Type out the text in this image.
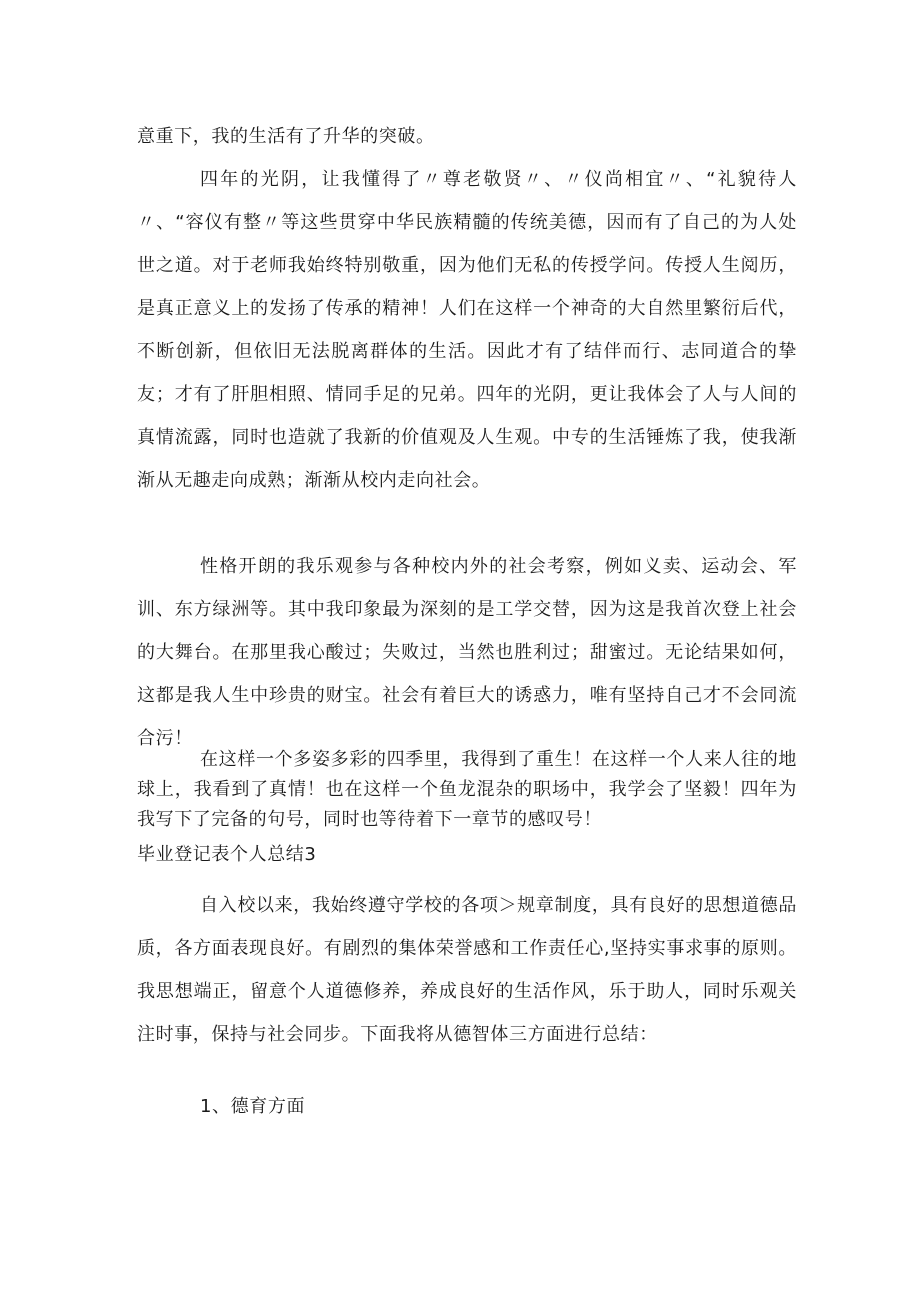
意重下，我的生活有了升华的突破。

四年的光阴，让我懂得了〃尊老敬贤〃、〃仪尚相宜〃、“礼貌待人〃、“容仪有整〃等这些贯穿中华民族精髓的传统美德，因而有了自己的为人处世之道。对于老师我始终特别敬重，因为他们无私的传授学问。传授人生阅历，是真正意义上的发扬了传承的精神！人们在这样一个神奇的大自然里繁衍后代，不断创新，但依旧无法脱离群体的生活。因此才有了结伴而行、志同道合的挚友；才有了肝胆相照、情同手足的兄弟。四年的光阴，更让我体会了人与人间的真情流露，同时也造就了我新的价值观及人生观。中专的生活锤炼了我，使我渐渐从无趣走向成熟；渐渐从校内走向社会。

性格开朗的我乐观参与各种校内外的社会考察，例如义卖、运动会、军训、东方绿洲等。其中我印象最为深刻的是工学交替，因为这是我首次登上社会的大舞台。在那里我心酸过；失败过，当然也胜利过；甜蜜过。无论结果如何，这都是我人生中珍贵的财宝。社会有着巨大的诱惑力，唯有坚持自己才不会同流合污！

在这样一个多姿多彩的四季里，我得到了重生！在这样一个人来人往的地球上，我看到了真情！也在这样一个鱼龙混杂的职场中，我学会了坚毅！四年为我写下了完备的句号，同时也等待着下一章节的感叹号！

毕业登记表个人总结3

自入校以来，我始终遵守学校的各项＞规章制度，具有良好的思想道德品质，各方面表现良好。有剧烈的集体荣誉感和工作责任心,坚持实事求事的原则。我思想端正，留意个人道德修养，养成良好的生活作风，乐于助人，同时乐观关注时事，保持与社会同步。下面我将从德智体三方面进行总结：

1、德育方面
